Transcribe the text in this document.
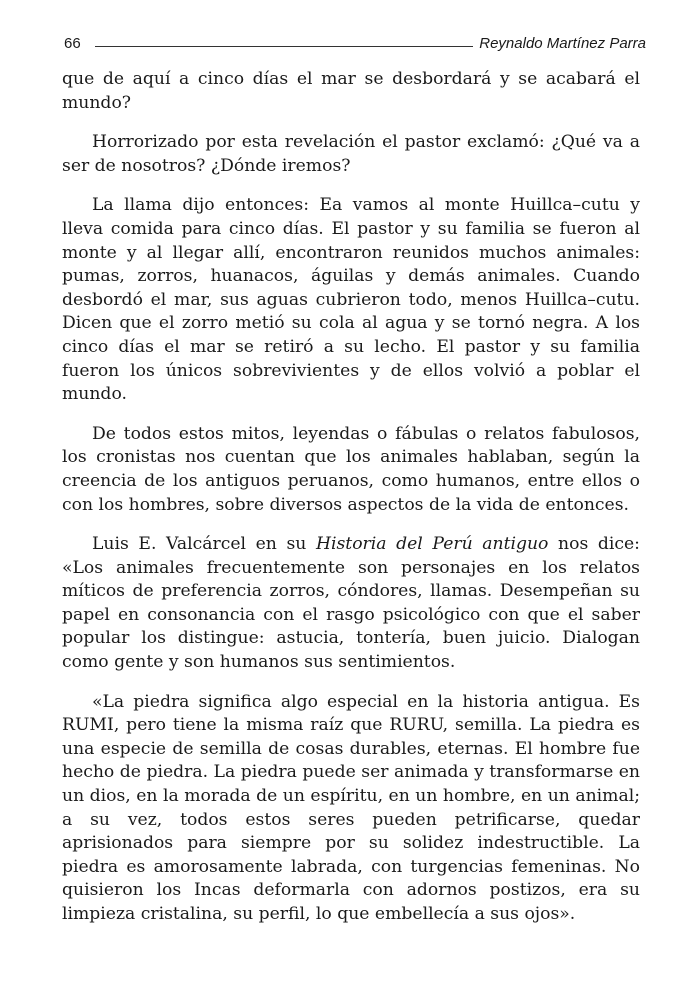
66	Reynaldo Martínez Parra

que de aquí a cinco días el mar se desbordará y se acabará el mundo?

Horrorizado por esta revelación el pastor exclamó: ¿Qué va a ser de nosotros? ¿Dónde iremos?

La llama dijo entonces: Ea vamos al monte Huillca–cutu y lleva comida para cinco días. El pastor y su familia se fueron al monte y al llegar allí, encontraron reunidos muchos animales: pumas, zorros, huanacos, águilas y demás animales. Cuando desbordó el mar, sus aguas cubrieron todo, menos Huillca–cutu. Dicen que el zorro metió su cola al agua y se tornó negra. A los cinco días el mar se retiró a su lecho. El pastor y su familia fueron los únicos sobrevivientes y de ellos volvió a poblar el mundo.

De todos estos mitos, leyendas o fábulas o relatos fabulosos, los cronistas nos cuentan que los animales hablaban, según la creencia de los antiguos peruanos, como humanos, entre ellos o con los hombres, sobre diversos aspectos de la vida de entonces.

Luis E. Valcárcel en su Historia del Perú antiguo nos dice: «Los animales frecuentemente son personajes en los relatos míticos de preferencia zorros, cóndores, llamas. Desempeñan su papel en consonancia con el rasgo psicológico con que el saber popular los distingue: astucia, tontería, buen juicio. Dialogan como gente y son humanos sus sentimientos.

«La piedra significa algo especial en la historia antigua. Es RUMI, pero tiene la misma raíz que RURU, semilla. La piedra es una especie de semilla de cosas durables, eternas. El hombre fue hecho de piedra. La piedra puede ser animada y transformarse en un dios, en la morada de un espíritu, en un hombre, en un animal; a su vez, todos estos seres pueden petrificarse, quedar aprisionados para siempre por su solidez indestructible. La piedra es amorosamente labrada, con turgencias femeninas. No quisieron los Incas deformarla con adornos postizos, era su limpieza cristalina, su perfil, lo que embellecía a sus ojos».
